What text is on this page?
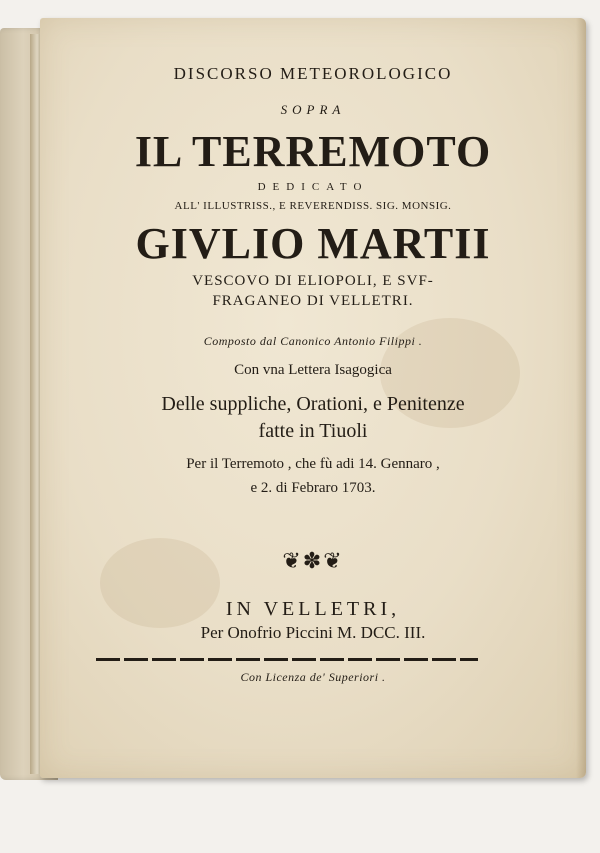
DISCORSO METEOROLOGICO
SOPRA
IL TERREMOTO
DEDICATO
ALL' ILLUSTRISS., E REVERENDISS. SIG. MONSIG.
GIVLIO MARTII
VESCOVO DI ELIOPOLI, E SVF-
FRAGANEO DI VELLETRI.
Composto dal Canonico Antonio Filippi .
Con vna Lettera Isagogica
Delle suppliche, Orationi, e Penitenze
fatte in Tiuoli
Per il Terremoto , che fù adi 14. Gennaro ,
e 2. di Febraro 1703.
❦✽❦
IN VELLETRI,
Per Onofrio Piccini M. DCC. III.
Con Licenza de' Superiori .
